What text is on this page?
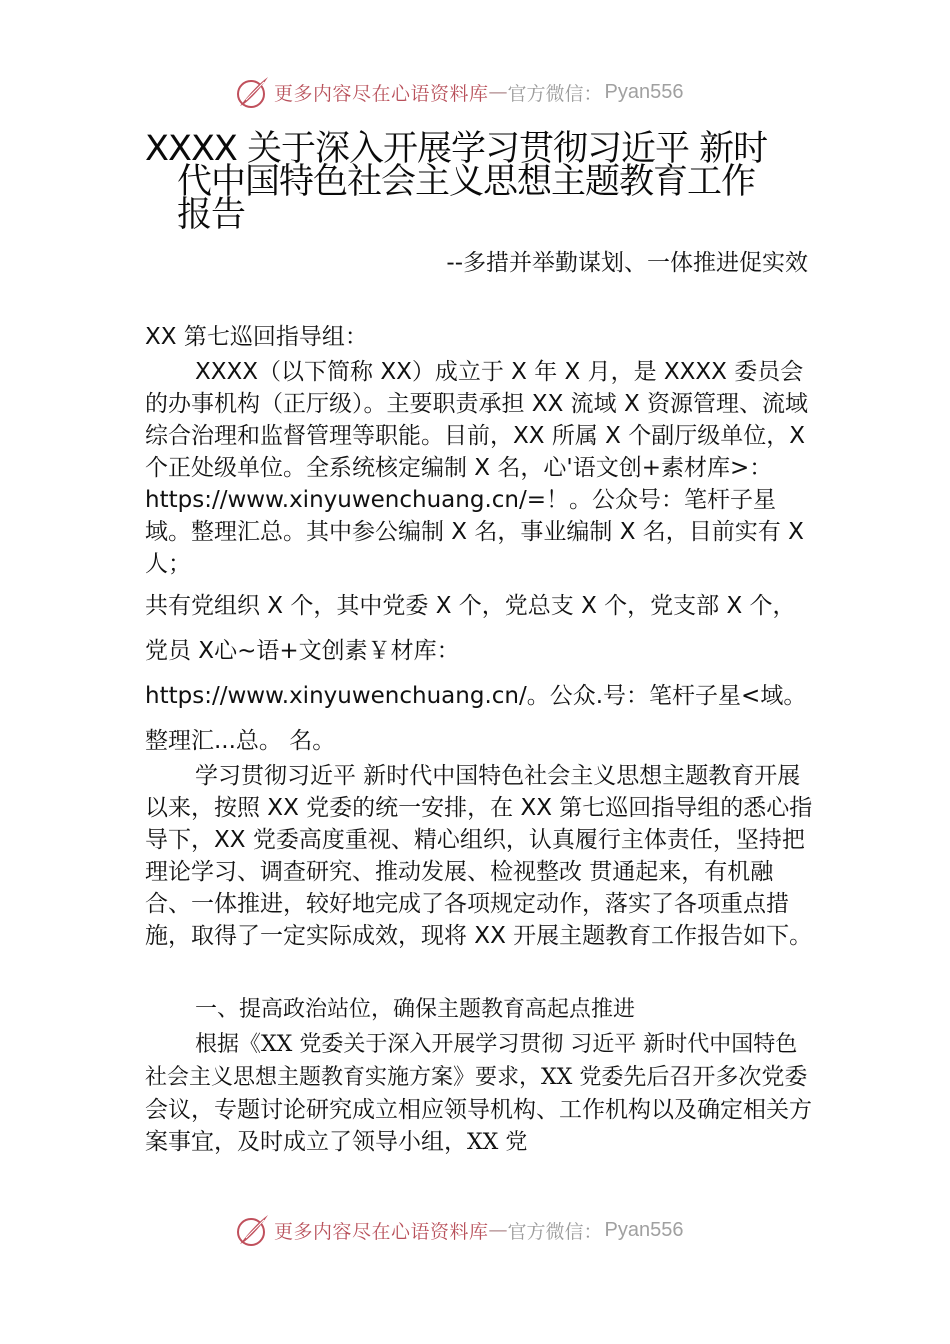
更多内容尽在心语资料库 — 官方微信： Pyan556
XXXX 关于深入开展学习贯彻习近平 新时
代中国特色社会主义思想主题教育工作
报告
--多措并举勤谋划、一体推进促实效

XX 第七巡回指导组：

XXXX（以下简称 XX）成立于 X 年 X 月，是 XXXX 委员会的办事机构（正厅级）。主要职责承担 XX 流域 X 资源管理、流域综合治理和监督管理等职能。目前，XX 所属 X 个副厅级单位，X 个正处级单位。全系统核定编制 X 名，心'语文创+素材库>：https://www.xinyuwenchuang.cn/=！。公众号：笔杆子星域。整理汇总。其中参公编制 X 名，事业编制 X 名，目前实有 X 人；

共有党组织 X 个，其中党委 X 个，党总支 X 个，党支部 X 个，党员 X心~语+文创素￥材库：https://www.xinyuwenchuang.cn/。公众.号：笔杆子星<域。整理汇...总。 名。

学习贯彻习近平 新时代中国特色社会主义思想主题教育开展以来，按照 XX 党委的统一安排，在 XX 第七巡回指导组的悉心指导下，XX 党委高度重视、精心组织，认真履行主体责任，坚持把理论学习、调查研究、推动发展、检视整改 贯通起来，有机融合、一体推进，较好地完成了各项规定动作，落实了各项重点措施，取得了一定实际成效，现将 XX 开展主题教育工作报告如下。

一、提高政治站位，确保主题教育高起点推进

根据《XX 党委关于深入开展学习贯彻 习近平 新时代中国特色社会主义思想主题教育实施方案》要求，XX 党委先后召开多次党委会议，专题讨论研究成立相应领导机构、工作机构以及确定相关方案事宜，及时成立了领导小组，XX 党

更多内容尽在心语资料库 — 官方微信： Pyan556
